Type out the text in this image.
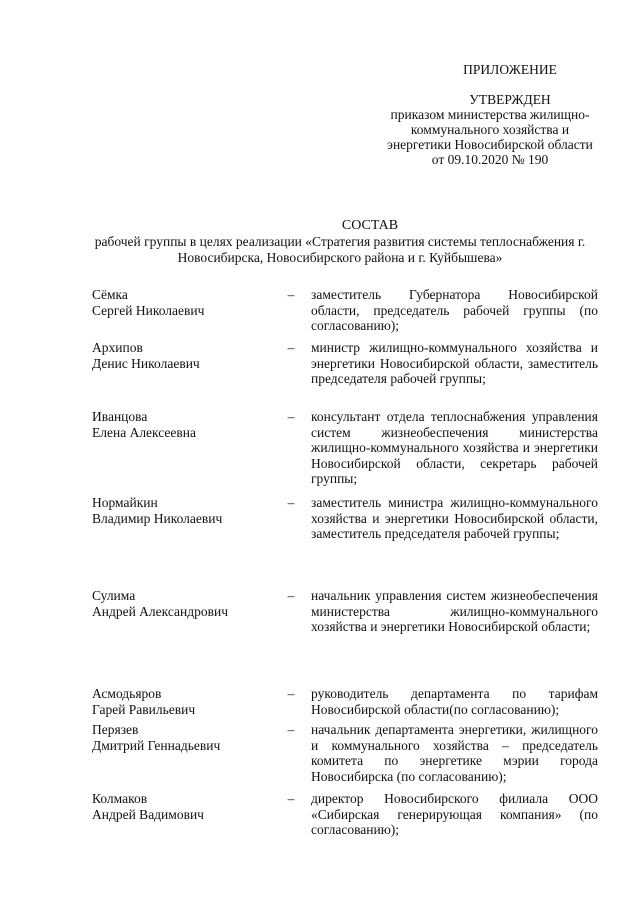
ПРИЛОЖЕНИЕ
УТВЕРЖДЕН
приказом министерства жилищно-
коммунального хозяйства и
энергетики Новосибирской области
от 09.10.2020 № 190
СОСТАВ
рабочей группы в целях реализации «Стратегия развития системы теплоснабжения г. Новосибирска, Новосибирского района и г. Куйбышева»
Сёмка
Сергей Николаевич
– заместитель Губернатора Новосибирской области, председатель рабочей группы (по согласованию);
Архипов
Денис Николаевич
– министр жилищно-коммунального хозяйства и энергетики Новосибирской области, заместитель председателя рабочей группы;
Иванцова
Елена Алексеевна
– консультант отдела теплоснабжения управления систем жизнеобеспечения министерства жилищно-коммунального хозяйства и энергетики Новосибирской области, секретарь рабочей группы;
Нормайкин
Владимир Николаевич
– заместитель министра жилищно-коммунального хозяйства и энергетики Новосибирской области, заместитель председателя рабочей группы;
Сулима
Андрей Александрович
– начальник управления систем жизнеобеспечения министерства жилищно-коммунального хозяйства и энергетики Новосибирской области;
Асмодьяров
Гарей Равильевич
– руководитель департамента по тарифам Новосибирской области(по согласованию);
Перязев
Дмитрий Геннадьевич
– начальник департамента энергетики, жилищного и коммунального хозяйства – председатель комитета по энергетике мэрии города Новосибирска (по согласованию);
Колмаков
Андрей Вадимович
– директор Новосибирского филиала ООО «Сибирская генерирующая компания» (по согласованию);
